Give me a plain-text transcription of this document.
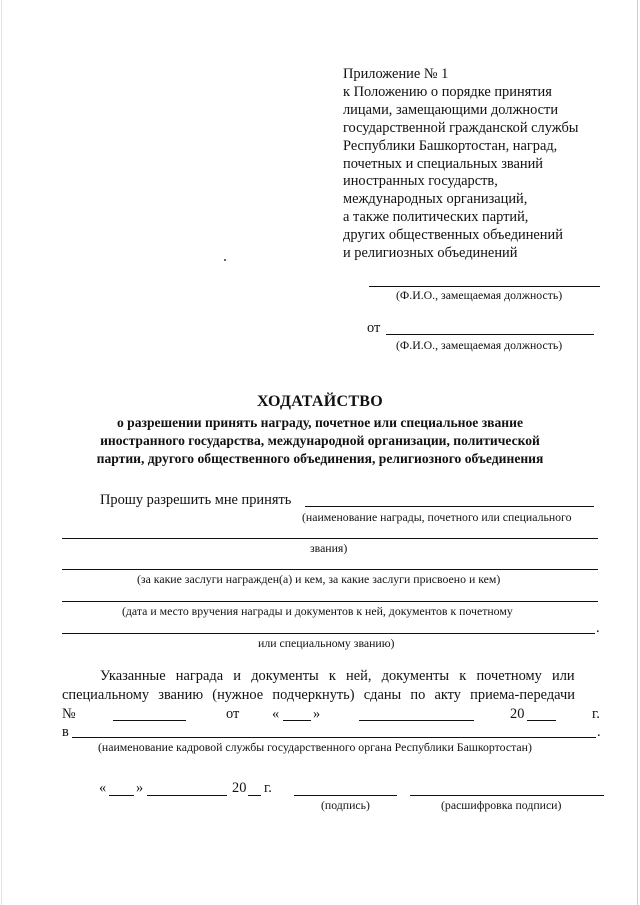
Приложение № 1
к Положению о порядке принятия
лицами, замещающими должности
государственной гражданской службы
Республики Башкортостан, наград,
почетных и специальных званий
иностранных государств,
международных организаций,
а также политических партий,
других общественных объединений
и религиозных объединений
(Ф.И.О., замещаемая должность)
от
(Ф.И.О., замещаемая должность)
ХОДАТАЙСТВО
о разрешении принять награду, почетное или специальное звание
иностранного государства, международной организации, политической
партии, другого общественного объединения, религиозного объединения
Прошу разрешить мне принять
(наименование награды, почетного или специального
звания)
(за какие заслуги награжден(а) и кем, за какие заслуги присвоено и кем)
(дата и место вручения награды и документов к ней, документов к почетному
.
или специальному званию)
Указанные награда и документы к ней, документы к почетному или
специальному званию (нужное подчеркнуть) сданы по акту приема-передачи
№	от « »	20	г.
в	.
(наименование кадровой службы государственного органа Республики Башкортостан)
« »	20 г.
(подпись)	(расшифровка подписи)
